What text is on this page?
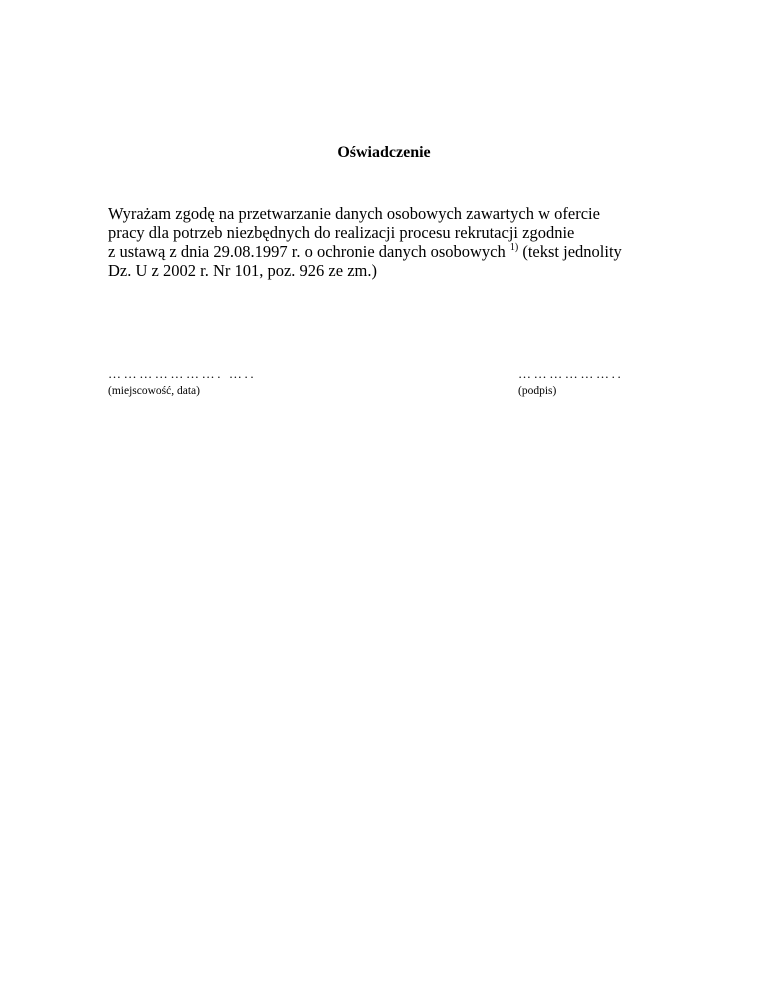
Oświadczenie
Wyrażam zgodę na przetwarzanie danych osobowych zawartych w ofercie
pracy dla potrzeb niezbędnych do realizacji procesu rekrutacji zgodnie
z ustawą z dnia 29.08.1997 r. o ochronie danych osobowych $^{1)}$ (tekst jednolity
Dz. U z 2002 r. Nr 101, poz. 926 ze zm.)
…………………. …..
(miejscowość, data)
………………..
(podpis)
